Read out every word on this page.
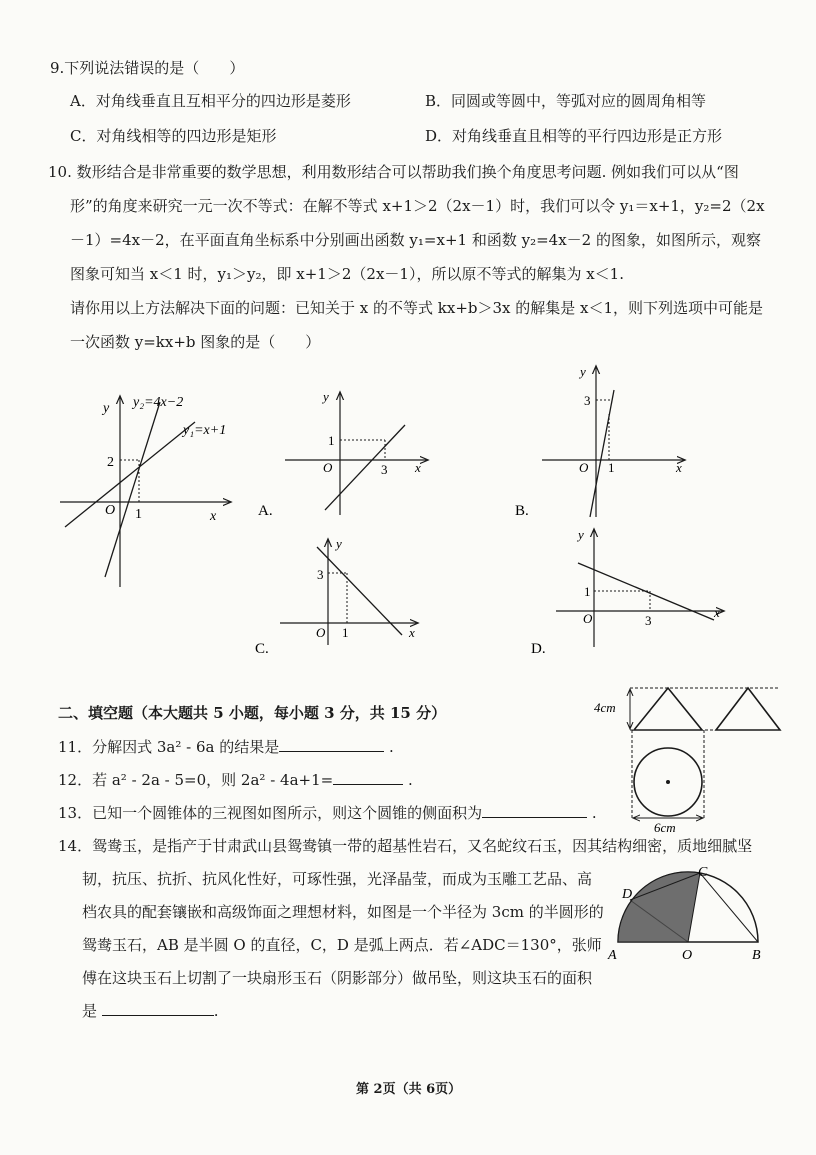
9.下列说法错误的是（　　）
A．对角线垂直且互相平分的四边形是菱形	B．同圆或等圆中，等弧对应的圆周角相等
C．对角线相等的四边形是矩形	D．对角线垂直且相等的平行四边形是正方形
10. 数形结合是非常重要的数学思想，利用数形结合可以帮助我们换个角度思考问题. 例如我们可以从“图
形”的角度来研究一元一次不等式：在解不等式 x+1＞2（2x－1）时，我们可以令 y₁＝x+1，y₂=2（2x
－1）=4x－2，在平面直角坐标系中分别画出函数 y₁=x+1 和函数 y₂=4x－2 的图象，如图所示，观察
图象可知当 x＜1 时，y₁＞y₂，即 x+1＞2（2x－1），所以原不等式的解集为 x＜1.
请你用以上方法解决下面的问题：已知关于 x 的不等式 kx+b＞3x 的解集是 x＜1，则下列选项中可能是
一次函数 y=kx+b 图象的是（　　）
y
x
O
2
1
y₂=4x−2
y₁=x+1
y
x
O
1
3
A.
y
x
O
3
1
B.
y
x
O
3
1
C.
y
x
O
1
3
D.
二、填空题（本大题共 5 小题，每小题 3 分，共 15 分）
11．分解因式 3a² - 6a 的结果是	.
12．若 a² - 2a - 5=0，则 2a² - 4a+1=	.
13．已知一个圆锥体的三视图如图所示，则这个圆锥的侧面积为	.
14．鸳鸯玉，是指产于甘肃武山县鸳鸯镇一带的超基性岩石，又名蛇纹石玉，因其结构细密，质地细腻坚
韧，抗压、抗折、抗风化性好，可琢性强，光泽晶莹，而成为玉雕工艺品、高
档农具的配套镶嵌和高级饰面之理想材料，如图是一个半径为 3cm 的半圆形的
鸳鸯玉石，AB 是半圆 O 的直径，C，D 是弧上两点．若∠ADC＝130°，张师
傅在这块玉石上切割了一块扇形玉石（阴影部分）做吊坠，则这块玉石的面积
是	.
4cm
6cm
A	B
C
D
O
第 2页（共 6页）
